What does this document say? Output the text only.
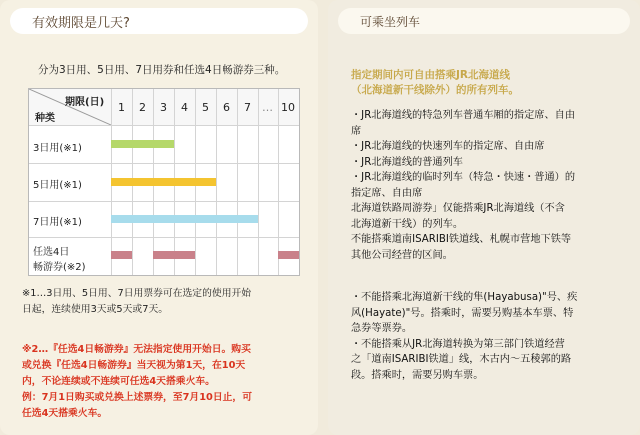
有效期限是几天?
分为3日用、5日用、7日用券和任选4日畅游券三种。
期限(日)
种类
1 2 3 4 5 6 7 … 10
3日用(※1)
5日用(※1)
7日用(※1)
任选4日
畅游券(※2)
※1…3日用、5日用、7日用票券可在选定的使用开始
日起，连续使用3天或5天或7天。
※2…『任选4日畅游券』无法指定使用开始日。购买
或兑换『任选4日畅游券』当天视为第1天，在10天
内，不论连续或不连续可任选4天搭乘火车。
例：7月1日购买或兑换上述票券，至7月10日止，可
任选4天搭乘火车。
可乘坐列车
指定期间内可自由搭乘JR北海道线
（北海道新干线除外）的所有列车。
・JR北海道线的特急列车普通车厢的指定席、自由
席
・JR北海道线的快速列车的指定席、自由席
・JR北海道线的普通列车
・JR北海道线的临时列车（特急・快速・普通）的
指定席、自由席
北海道铁路周游券」仅能搭乘JR北海道线（不含
北海道新干线）的列车。
不能搭乘道南ISARIBI铁道线、札幌市营地下铁等
其他公司经营的区间。
・不能搭乘北海道新干线的隼(Hayabusa)"号、疾
风(Hayate)"号。搭乘时，需要另购基本车票、特
急券等票券。
・不能搭乘从JR北海道转换为第三部门铁道经营
之「道南ISARIBI铁道」线，木古内〜五稜郭的路
段。搭乘时，需要另购车票。
